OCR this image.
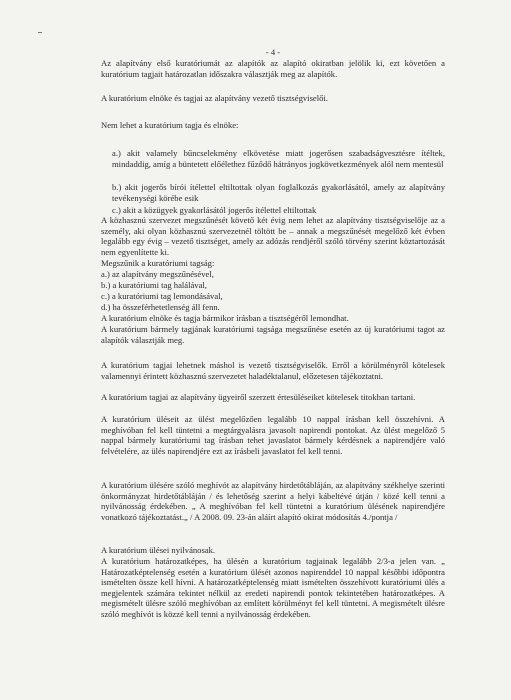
- 4 -

Az alapítvány első kuratóriumát az alapítók az alapító okiratban jelölik ki, ezt követően a kuratórium tagjait határozatlan időszakra választják meg az alapítók.

A kuratórium elnöke és tagjai az alapítvány vezető tisztségviselői.

Nem lehet a kuratórium tagja és elnöke:

a.) akit valamely bűncselekmény elkövetése miatt jogerősen szabadságvesztésre ítéltek, mindaddig, amíg a büntetett előélethez fűződő hátrányos jogkövetkezmények alól nem mentesül

b.) akit jogerős bírói ítélettel eltiltottak olyan foglalkozás gyakorlásától, amely az alapítvány tevékenységi körébe esik

c.) akit a közügyek gyakorlásától jogerős ítélettel eltiltottak

A közhasznú szervezet megszűnését követő két évig nem lehet az alapítvány tisztségviselője az a személy, aki olyan közhasznú szervezetnél töltött be – annak a megszűnését megelőző két évben legalább egy évig – vezető tisztséget, amely az adózás rendjéről szóló törvény szerint köztartozását nem egyenlítette ki.

Megszűnik a kuratóriumi tagság:

a.) az alapítvány megszűnésével,

b.) a kuratóriumi tag halálával,

c.) a kuratóriumi tag lemondásával,

d.) ha összeférhetetlenség áll fenn.

A kuratórium elnöke és tagja bármikor írásban a tisztségéről lemondhat.

A kuratórium bármely tagjának kuratóriumi tagsága megszűnése esetén az új kuratóriumi tagot az alapítók választják meg.

A kuratórium tagjai lehetnek máshol is vezető tisztségviselők. Erről a körülményről kötelesek valamennyi érintett közhasznú szervezetet haladéktalanul, előzetesen tájékoztatni.

A kuratórium tagjai az alapítvány ügyeiről szerzett értesüléseiket kötelesek titokban tartani.

A kuratórium üléseit az ülést megelőzően legalább 10 nappal írásban kell összehívni. A meghívóban fel kell tüntetni a megtárgyalásra javasolt napirendi pontokat. Az ülést megelőző 5 nappal bármely kuratóriumi tag írásban tehet javaslatot bármely kérdésnek a napirendjére való felvételére, az ülés napirendjére ezt az írásbeli javaslatot fel kell tenni.

A kuratórium ülésére szóló meghívót az alapítvány hirdetőtábláján, az alapítvány székhelye szerinti önkormányzat hirdetőtábláján / és lehetőség szerint a helyi kábeltévé útján / közé kell tenni a nyilvánosság érdekében. „ A meghívóban fel kell tüntetni a kuratórium ülésének napirendjére vonatkozó tájékoztatást.„ / A 2008. 09. 23-án aláírt alapító okirat módosítás 4./pontja /

A kuratórium ülései nyilvánosak.

A kuratórium határozatképes, ha ülésén a kuratórium tagjainak legalább 2/3-a jelen van. „ Határozatképtelenség esetén a kuratórium ülését azonos napirenddel 10 nappal későbbi időpontra ismételten össze kell hívni. A határozatképtelenség miatt ismételten összehívott kuratóriumi ülés a megjelentek számára tekintet nélkül az eredeti napirendi pontok tekintetében határozatképes. A megismételt ülésre szóló meghívóban az említett körülményt fel kell tüntetni. A megismételt ülésre szóló meghívót is közzé kell tenni a nyilvánosság érdekében.
